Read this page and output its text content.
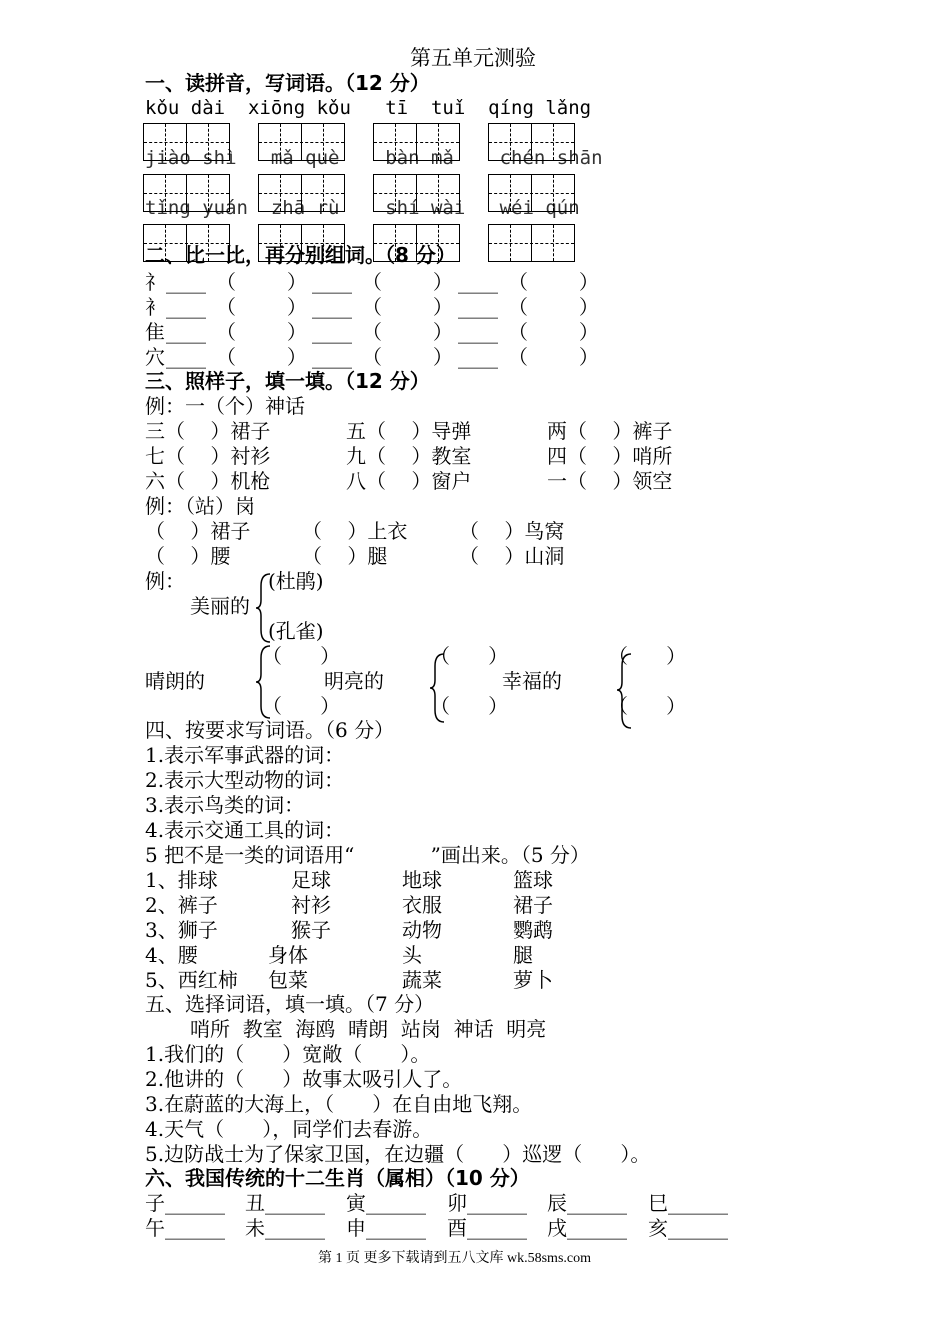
第五单元测验
一、读拼音，写词语。（12 分）
kǒu dài  xiōng kǒu   tī  tuǐ  qíng lǎng
jiào shì   mǎ què    bàn mǎ    chén shān
tǐng yuán  zhā rù    shí wài   wéi qún
二、比一比，再分别组词。（8 分）
礻 ____ （        ） ____ （        ） ____ （        ）
衤 ____ （        ） ____ （        ） ____ （        ）
隹 ____ （        ） ____ （        ） ____ （        ）
穴 ____ （        ） ____ （        ） ____ （        ）
三、照样子，填一填。（12 分）
例：一（个）神话
三（    ）裙子	五（    ）导弹	两（    ）裤子
七（    ）衬衫	九（    ）教室	四（    ）哨所
六（    ）机枪	八（    ）窗户	一（    ）领空
例：（站）岗
（    ）裙子	（    ）上衣	（    ）鸟窝
（    ）腰	（    ）腿	（    ）山洞
例：	(杜鹃)
美丽的
(孔雀)
晴朗的
（      ）
（      ）
明亮的
（      ）
（      ）
幸福的
（      ）
（      ）
四、按要求写词语。（6 分）
1.表示军事武器的词：
2.表示大型动物的词：
3.表示鸟类的词：
4.表示交通工具的词：
5 把不是一类的词语用“            ”画出来。（5 分）
1、排球	足球	地球	篮球
2、裤子	衬衫	衣服	裙子
3、狮子	猴子	动物	鹦鹉
4、腰	身体	头	腿
5、西红柿 包菜	蔬菜	萝卜
五、选择词语，填一填。（7 分）
哨所  教室  海鸥  晴朗  站岗  神话  明亮
1.我们的（      ）宽敞（      ）。
2.他讲的（      ）故事太吸引人了。
3.在蔚蓝的大海上，（      ）在自由地飞翔。
4.天气（      ），同学们去春游。
5.边防战士为了保家卫国，在边疆（      ）巡逻（      ）。
六、我国传统的十二生肖（属相）（10 分）
子______ 丑______ 寅______ 卯______ 辰______ 巳______
午______ 未______ 申______ 酉______ 戌______ 亥______
第 1 页 更多下载请到五八文库 wk.58sms.com
